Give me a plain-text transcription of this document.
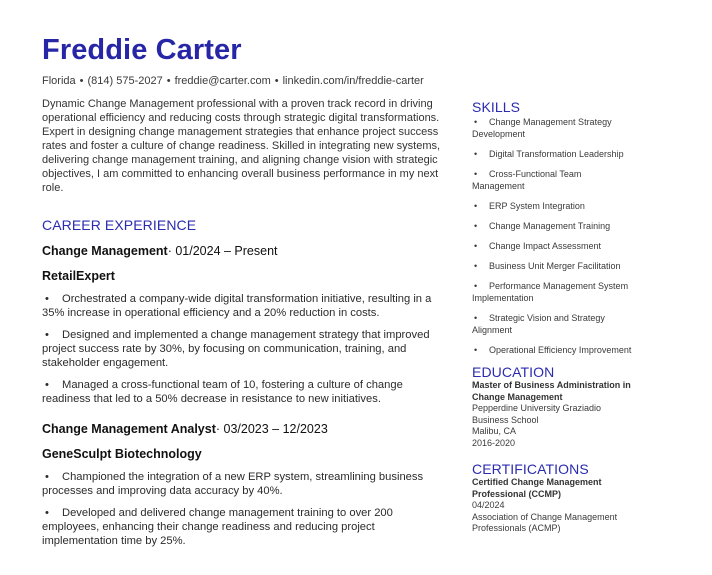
Freddie Carter
Florida • (814) 575-2027 • freddie@carter.com • linkedin.com/in/freddie-carter

Dynamic Change Management professional with a proven track record in driving operational efficiency and reducing costs through strategic digital transformations. Expert in designing change management strategies that enhance project success rates and foster a culture of change readiness. Skilled in integrating new systems, delivering change management training, and aligning change vision with strategic objectives, I am committed to enhancing overall business performance in my next role.

CAREER EXPERIENCE
Change Management· 01/2024 – Present
RetailExpert
• Orchestrated a company-wide digital transformation initiative, resulting in a 35% increase in operational efficiency and a 20% reduction in costs.
• Designed and implemented a change management strategy that improved project success rate by 30%, by focusing on communication, training, and stakeholder engagement.
• Managed a cross-functional team of 10, fostering a culture of change readiness that led to a 50% decrease in resistance to new initiatives.
Change Management Analyst· 03/2023 – 12/2023
GeneSculpt Biotechnology
• Championed the integration of a new ERP system, streamlining business processes and improving data accuracy by 40%.
• Developed and delivered change management training to over 200 employees, enhancing their change readiness and reducing project implementation time by 25%.
SKILLS
• Change Management Strategy Development
• Digital Transformation Leadership
• Cross-Functional Team Management
• ERP System Integration
• Change Management Training
• Change Impact Assessment
• Business Unit Merger Facilitation
• Performance Management System Implementation
• Strategic Vision and Strategy Alignment
• Operational Efficiency Improvement
EDUCATION
Master of Business Administration in Change Management
Pepperdine University Graziadio Business School
Malibu, CA
2016-2020
CERTIFICATIONS
Certified Change Management Professional (CCMP)
04/2024
Association of Change Management Professionals (ACMP)
